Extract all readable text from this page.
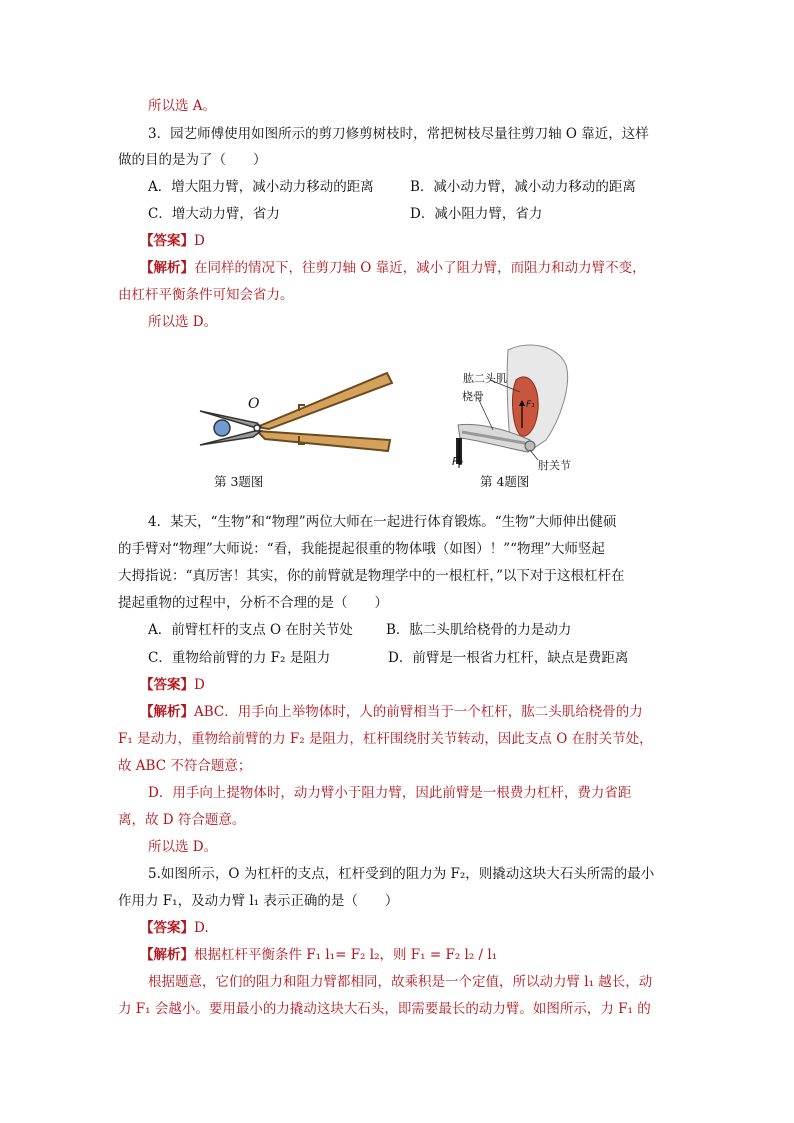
所以选 A。
3．园艺师傅使用如图所示的剪刀修剪树枝时，常把树枝尽量往剪刀轴 O 靠近，这样
做的目的是为了（　　）
A．增大阻力臂，减小动力移动的距离	B．减小动力臂，减小动力移动的距离
C．增大动力臂，省力	D．减小阻力臂，省力
【答案】D
【解析】在同样的情况下，往剪刀轴 O 靠近，减小了阻力臂，而阻力和动力臂不变，
由杠杆平衡条件可知会省力。
所以选 D。
O
第 3题图
肱二头肌
桡骨
肘关节
F₂
F₁
第 4题图
4．某天，“生物”和“物理”两位大师在一起进行体育锻炼。“生物”大师伸出健硕
的手臂对“物理”大师说：“看，我能提起很重的物体哦（如图）！”“物理”大师竖起
大拇指说：“真厉害！其实，你的前臂就是物理学中的一根杠杆，”以下对于这根杠杆在
提起重物的过程中，分析不合理的是（　　）
A．前臂杠杆的支点 O 在肘关节处 B．肱二头肌给桡骨的力是动力
C．重物给前臂的力 F₂ 是阻力	D．前臂是一根省力杠杆，缺点是费距离
【答案】D
【解析】ABC．用手向上举物体时，人的前臂相当于一个杠杆，肱二头肌给桡骨的力
F₁ 是动力，重物给前臂的力 F₂ 是阻力，杠杆围绕肘关节转动，因此支点 O 在肘关节处，
故 ABC 不符合题意；
D．用手向上提物体时，动力臂小于阻力臂，因此前臂是一根费力杠杆，费力省距
离，故 D 符合题意。
所以选 D。
5.如图所示，O 为杠杆的支点，杠杆受到的阻力为 F₂，则撬动这块大石头所需的最小
作用力 F₁，及动力臂 l₁ 表示正确的是（　　）
【答案】D.
【解析】根据杠杆平衡条件 F₁ l₁= F₂ l₂，则 F₁ = F₂ l₂ / l₁
根据题意，它们的阻力和阻力臂都相同，故乘积是一个定值，所以动力臂 l₁ 越长，动
力 F₁ 会越小。要用最小的力撬动这块大石头，即需要最长的动力臂。如图所示，力 F₁ 的
